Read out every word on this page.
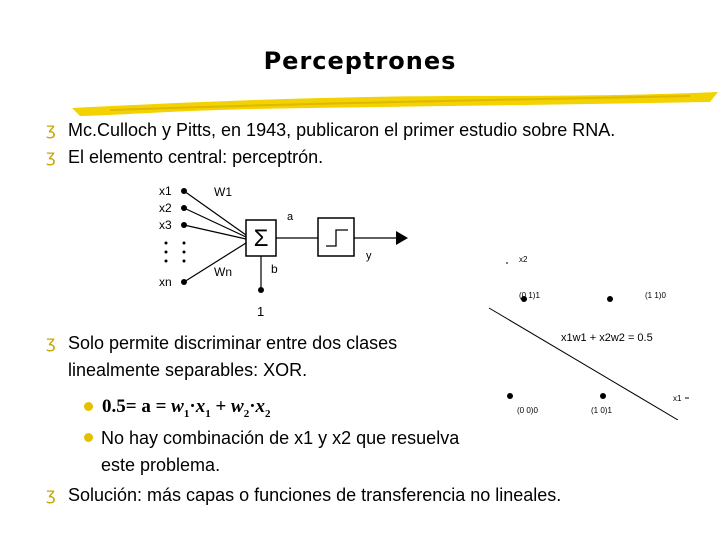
Perceptrones
ʒ Mc.Culloch y Pitts, en 1943, publicaron el primer estudio sobre RNA.
ʒ El elemento central: perceptrón.
x1
x2
x3
xn
W1
Wn
Σ
a
b
y
1
x2
x1
x1w1 + x2w2 = 0.5
(0 1)1	(1 1)0
(0 0)0	(1 0)1
ʒ Solo permite discriminar entre dos clases
linealmente separables: XOR.
$0.5= a = w_1\cdot x_1 + w_2\cdot x_2$
No hay combinación de x1 y x2 que resuelva
este problema.
ʒ Solución: más capas o funciones de transferencia no lineales.
